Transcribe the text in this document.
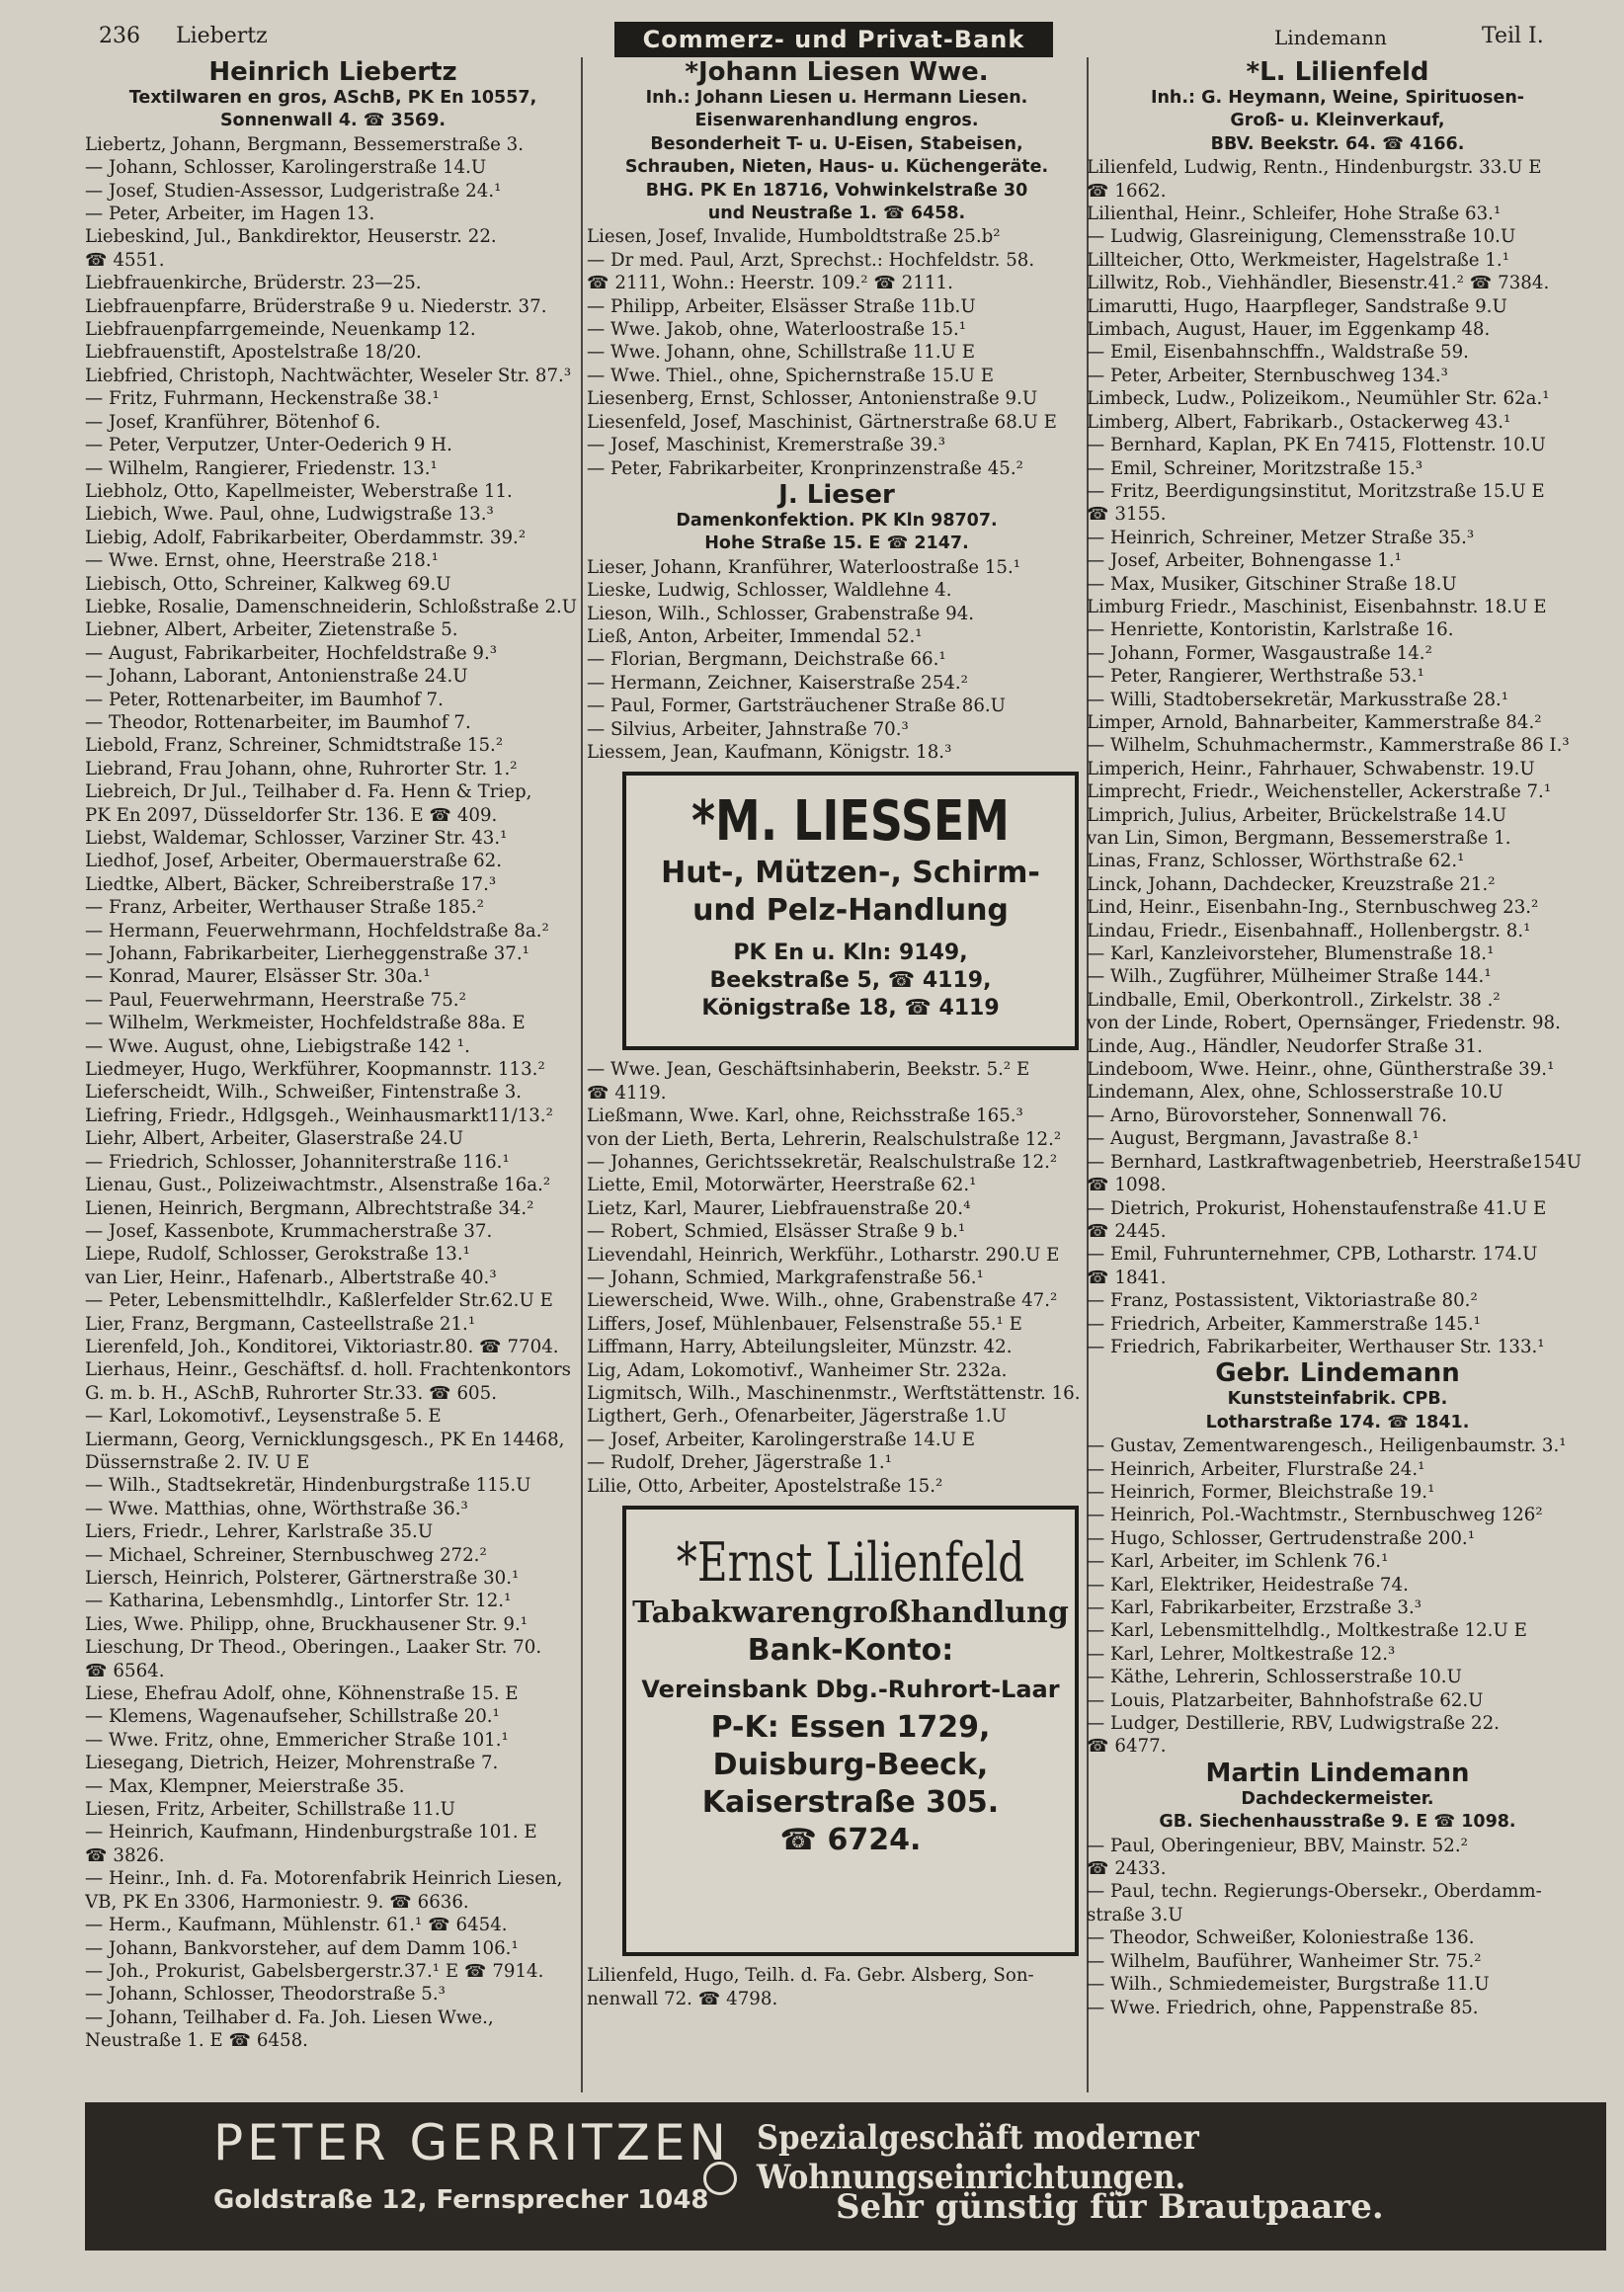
236 Liebertz	Commerz- und Privat-Bank	Lindemann	Teil I.

Heinrich Liebertz

Textilwaren en gros, ASchB, PK En 10557,

Sonnenwall 4. ☎ 3569.

Liebertz, Johann, Bergmann, Bessemerstraße 3.

— Johann, Schlosser, Karolingerstraße 14.U

— Josef, Studien-Assessor, Ludgeristraße 24.¹

— Peter, Arbeiter, im Hagen 13.

Liebeskind, Jul., Bankdirektor, Heuserstr. 22.

☎ 4551.

Liebfrauenkirche, Brüderstr. 23—25.

Liebfrauenpfarre, Brüderstraße 9 u. Niederstr. 37.

Liebfrauenpfarrgemeinde, Neuenkamp 12.

Liebfrauenstift, Apostelstraße 18/20.

Liebfried, Christoph, Nachtwächter, Weseler Str. 87.³

— Fritz, Fuhrmann, Heckenstraße 38.¹

— Josef, Kranführer, Bötenhof 6.

— Peter, Verputzer, Unter-Oederich 9 H.

— Wilhelm, Rangierer, Friedenstr. 13.¹

Liebholz, Otto, Kapellmeister, Weberstraße 11.

Liebich, Wwe. Paul, ohne, Ludwigstraße 13.³

Liebig, Adolf, Fabrikarbeiter, Oberdammstr. 39.²

— Wwe. Ernst, ohne, Heerstraße 218.¹

Liebisch, Otto, Schreiner, Kalkweg 69.U

Liebke, Rosalie, Damenschneiderin, Schloßstraße 2.U

Liebner, Albert, Arbeiter, Zietenstraße 5.

— August, Fabrikarbeiter, Hochfeldstraße 9.³

— Johann, Laborant, Antonienstraße 24.U

— Peter, Rottenarbeiter, im Baumhof 7.

— Theodor, Rottenarbeiter, im Baumhof 7.

Liebold, Franz, Schreiner, Schmidtstraße 15.²

Liebrand, Frau Johann, ohne, Ruhrorter Str. 1.²

Liebreich, Dr Jul., Teilhaber d. Fa. Henn & Triep,

PK En 2097, Düsseldorfer Str. 136. E ☎ 409.

Liebst, Waldemar, Schlosser, Varziner Str. 43.¹

Liedhof, Josef, Arbeiter, Obermauerstraße 62.

Liedtke, Albert, Bäcker, Schreiberstraße 17.³

— Franz, Arbeiter, Werthauser Straße 185.²

— Hermann, Feuerwehrmann, Hochfeldstraße 8a.²

— Johann, Fabrikarbeiter, Lierheggenstraße 37.¹

— Konrad, Maurer, Elsässer Str. 30a.¹

— Paul, Feuerwehrmann, Heerstraße 75.²

— Wilhelm, Werkmeister, Hochfeldstraße 88a. E

— Wwe. August, ohne, Liebigstraße 142 ¹.

Liedmeyer, Hugo, Werkführer, Koopmannstr. 113.²

Lieferscheidt, Wilh., Schweißer, Fintenstraße 3.

Liefring, Friedr., Hdlgsgeh., Weinhausmarkt11/13.²

Liehr, Albert, Arbeiter, Glaserstraße 24.U

— Friedrich, Schlosser, Johanniterstraße 116.¹

Lienau, Gust., Polizeiwachtmstr., Alsenstraße 16a.²

Lienen, Heinrich, Bergmann, Albrechtstraße 34.²

— Josef, Kassenbote, Krummacherstraße 37.

Liepe, Rudolf, Schlosser, Gerokstraße 13.¹

van Lier, Heinr., Hafenarb., Albertstraße 40.³

— Peter, Lebensmittelhdlr., Kaßlerfelder Str.62.U E

Lier, Franz, Bergmann, Casteellstraße 21.¹

Lierenfeld, Joh., Konditorei, Viktoriastr.80. ☎ 7704.

Lierhaus, Heinr., Geschäftsf. d. holl. Frachtenkontors

G. m. b. H., ASchB, Ruhrorter Str.33. ☎ 605.

— Karl, Lokomotivf., Leysenstraße 5. E

Liermann, Georg, Vernicklungsgesch., PK En 14468,

Düssernstraße 2. IV. U E

— Wilh., Stadtsekretär, Hindenburgstraße 115.U

— Wwe. Matthias, ohne, Wörthstraße 36.³

Liers, Friedr., Lehrer, Karlstraße 35.U

— Michael, Schreiner, Sternbuschweg 272.²

Liersch, Heinrich, Polsterer, Gärtnerstraße 30.¹

— Katharina, Lebensmhdlg., Lintorfer Str. 12.¹

Lies, Wwe. Philipp, ohne, Bruckhausener Str. 9.¹

Lieschung, Dr Theod., Oberingen., Laaker Str. 70.

☎ 6564.

Liese, Ehefrau Adolf, ohne, Köhnenstraße 15. E

— Klemens, Wagenaufseher, Schillstraße 20.¹

— Wwe. Fritz, ohne, Emmericher Straße 101.¹

Liesegang, Dietrich, Heizer, Mohrenstraße 7.

— Max, Klempner, Meierstraße 35.

Liesen, Fritz, Arbeiter, Schillstraße 11.U

— Heinrich, Kaufmann, Hindenburgstraße 101. E

☎ 3826.

— Heinr., Inh. d. Fa. Motorenfabrik Heinrich Liesen,

VB, PK En 3306, Harmoniestr. 9. ☎ 6636.

— Herm., Kaufmann, Mühlenstr. 61.¹ ☎ 6454.

— Johann, Bankvorsteher, auf dem Damm 106.¹

— Joh., Prokurist, Gabelsbergerstr.37.¹ E ☎ 7914.

— Johann, Schlosser, Theodorstraße 5.³

— Johann, Teilhaber d. Fa. Joh. Liesen Wwe.,

Neustraße 1. E ☎ 6458.

*Johann Liesen Wwe.

Inh.: Johann Liesen u. Hermann Liesen.

Eisenwarenhandlung engros.

Besonderheit T- u. U-Eisen, Stabeisen,

Schrauben, Nieten, Haus- u. Küchengeräte.

BHG. PK En 18716, Vohwinkelstraße 30

und Neustraße 1. ☎ 6458.

Liesen, Josef, Invalide, Humboldtstraße 25.b²

— Dr med. Paul, Arzt, Sprechst.: Hochfeldstr. 58.

☎ 2111, Wohn.: Heerstr. 109.² ☎ 2111.

— Philipp, Arbeiter, Elsässer Straße 11b.U

— Wwe. Jakob, ohne, Waterloostraße 15.¹

— Wwe. Johann, ohne, Schillstraße 11.U E

— Wwe. Thiel., ohne, Spichernstraße 15.U E

Liesenberg, Ernst, Schlosser, Antonienstraße 9.U

Liesenfeld, Josef, Maschinist, Gärtnerstraße 68.U E

— Josef, Maschinist, Kremerstraße 39.³

— Peter, Fabrikarbeiter, Kronprinzenstraße 45.²

J. Lieser

Damenkonfektion. PK Kln 98707.

Hohe Straße 15. E ☎ 2147.

Lieser, Johann, Kranführer, Waterloostraße 15.¹

Lieske, Ludwig, Schlosser, Waldlehne 4.

Lieson, Wilh., Schlosser, Grabenstraße 94.

Ließ, Anton, Arbeiter, Immendal 52.¹

— Florian, Bergmann, Deichstraße 66.¹

— Hermann, Zeichner, Kaiserstraße 254.²

— Paul, Former, Gartsträuchener Straße 86.U

— Silvius, Arbeiter, Jahnstraße 70.³

Liessem, Jean, Kaufmann, Königstr. 18.³

*M. LIESSEM
Hut-, Mützen-, Schirm-
und Pelz-Handlung
PK En u. Kln: 9149,
Beekstraße 5, ☎ 4119,
Königstraße 18, ☎ 4119

— Wwe. Jean, Geschäftsinhaberin, Beekstr. 5.² E

☎ 4119.

Ließmann, Wwe. Karl, ohne, Reichsstraße 165.³

von der Lieth, Berta, Lehrerin, Realschulstraße 12.²

— Johannes, Gerichtssekretär, Realschulstraße 12.²

Liette, Emil, Motorwärter, Heerstraße 62.¹

Lietz, Karl, Maurer, Liebfrauenstraße 20.⁴

— Robert, Schmied, Elsässer Straße 9 b.¹

Lievendahl, Heinrich, Werkführ., Lotharstr. 290.U E

— Johann, Schmied, Markgrafenstraße 56.¹

Liewerscheid, Wwe. Wilh., ohne, Grabenstraße 47.²

Liffers, Josef, Mühlenbauer, Felsenstraße 55.¹ E

Liffmann, Harry, Abteilungsleiter, Münzstr. 42.

Lig, Adam, Lokomotivf., Wanheimer Str. 232a.

Ligmitsch, Wilh., Maschinenmstr., Werftstättenstr. 16.

Ligthert, Gerh., Ofenarbeiter, Jägerstraße 1.U

— Josef, Arbeiter, Karolingerstraße 14.U E

— Rudolf, Dreher, Jägerstraße 1.¹

Lilie, Otto, Arbeiter, Apostelstraße 15.²

*Ernst Lilienfeld
Tabakwarengroßhandlung
Bank-Konto:
Vereinsbank Dbg.-Ruhrort-Laar
P-K: Essen 1729,
Duisburg-Beeck,
Kaiserstraße 305.
☎ 6724.

Lilienfeld, Hugo, Teilh. d. Fa. Gebr. Alsberg, Son-

nenwall 72. ☎ 4798.

*L. Lilienfeld

Inh.: G. Heymann, Weine, Spirituosen-

Groß- u. Kleinverkauf,

BBV. Beekstr. 64. ☎ 4166.

Lilienfeld, Ludwig, Rentn., Hindenburgstr. 33.U E

☎ 1662.

Lilienthal, Heinr., Schleifer, Hohe Straße 63.¹

— Ludwig, Glasreinigung, Clemensstraße 10.U

Lillteicher, Otto, Werkmeister, Hagelstraße 1.¹

Lillwitz, Rob., Viehhändler, Biesenstr.41.² ☎ 7384.

Limarutti, Hugo, Haarpfleger, Sandstraße 9.U

Limbach, August, Hauer, im Eggenkamp 48.

— Emil, Eisenbahnschffn., Waldstraße 59.

— Peter, Arbeiter, Sternbuschweg 134.³

Limbeck, Ludw., Polizeikom., Neumühler Str. 62a.¹

Limberg, Albert, Fabrikarb., Ostackerweg 43.¹

— Bernhard, Kaplan, PK En 7415, Flottenstr. 10.U

— Emil, Schreiner, Moritzstraße 15.³

— Fritz, Beerdigungsinstitut, Moritzstraße 15.U E

☎ 3155.

— Heinrich, Schreiner, Metzer Straße 35.³

— Josef, Arbeiter, Bohnengasse 1.¹

— Max, Musiker, Gitschiner Straße 18.U

Limburg Friedr., Maschinist, Eisenbahnstr. 18.U E

— Henriette, Kontoristin, Karlstraße 16.

— Johann, Former, Wasgaustraße 14.²

— Peter, Rangierer, Werthstraße 53.¹

— Willi, Stadtobersekretär, Markusstraße 28.¹

Limper, Arnold, Bahnarbeiter, Kammerstraße 84.²

— Wilhelm, Schuhmachermstr., Kammerstraße 86 I.³

Limperich, Heinr., Fahrhauer, Schwabenstr. 19.U

Limprecht, Friedr., Weichensteller, Ackerstraße 7.¹

Limprich, Julius, Arbeiter, Brückelstraße 14.U

van Lin, Simon, Bergmann, Bessemerstraße 1.

Linas, Franz, Schlosser, Wörthstraße 62.¹

Linck, Johann, Dachdecker, Kreuzstraße 21.²

Lind, Heinr., Eisenbahn-Ing., Sternbuschweg 23.²

Lindau, Friedr., Eisenbahnaff., Hollenbergstr. 8.¹

— Karl, Kanzleivorsteher, Blumenstraße 18.¹

— Wilh., Zugführer, Mülheimer Straße 144.¹

Lindballe, Emil, Oberkontroll., Zirkelstr. 38 .²

von der Linde, Robert, Opernsänger, Friedenstr. 98.

Linde, Aug., Händler, Neudorfer Straße 31.

Lindeboom, Wwe. Heinr., ohne, Güntherstraße 39.¹

Lindemann, Alex, ohne, Schlosserstraße 10.U

— Arno, Bürovorsteher, Sonnenwall 76.

— August, Bergmann, Javastraße 8.¹

— Bernhard, Lastkraftwagenbetrieb, Heerstraße154U

☎ 1098.

— Dietrich, Prokurist, Hohenstaufenstraße 41.U E

☎ 2445.

— Emil, Fuhrunternehmer, CPB, Lotharstr. 174.U

☎ 1841.

— Franz, Postassistent, Viktoriastraße 80.²

— Friedrich, Arbeiter, Kammerstraße 145.¹

— Friedrich, Fabrikarbeiter, Werthauser Str. 133.¹

Gebr. Lindemann

Kunststeinfabrik. CPB.

Lotharstraße 174. ☎ 1841.

— Gustav, Zementwarengesch., Heiligenbaumstr. 3.¹

— Heinrich, Arbeiter, Flurstraße 24.¹

— Heinrich, Former, Bleichstraße 19.¹

— Heinrich, Pol.-Wachtmstr., Sternbuschweg 126²

— Hugo, Schlosser, Gertrudenstraße 200.¹

— Karl, Arbeiter, im Schlenk 76.¹

— Karl, Elektriker, Heidestraße 74.

— Karl, Fabrikarbeiter, Erzstraße 3.³

— Karl, Lebensmittelhdlg., Moltkestraße 12.U E

— Karl, Lehrer, Moltkestraße 12.³

— Käthe, Lehrerin, Schlosserstraße 10.U

— Louis, Platzarbeiter, Bahnhofstraße 62.U

— Ludger, Destillerie, RBV, Ludwigstraße 22.

☎ 6477.

Martin Lindemann

Dachdeckermeister.

GB. Siechenhausstraße 9. E ☎ 1098.

— Paul, Oberingenieur, BBV, Mainstr. 52.²

☎ 2433.

— Paul, techn. Regierungs-Obersekr., Oberdamm-

straße 3.U

— Theodor, Schweißer, Koloniestraße 136.

— Wilhelm, Bauführer, Wanheimer Str. 75.²

— Wilh., Schmiedemeister, Burgstraße 11.U

— Wwe. Friedrich, ohne, Pappenstraße 85.

PETER GERRITZEN
Goldstraße 12, Fernsprecher 1048
Spezialgeschäft moderner Wohnungseinrichtungen.
Sehr günstig für Brautpaare.
